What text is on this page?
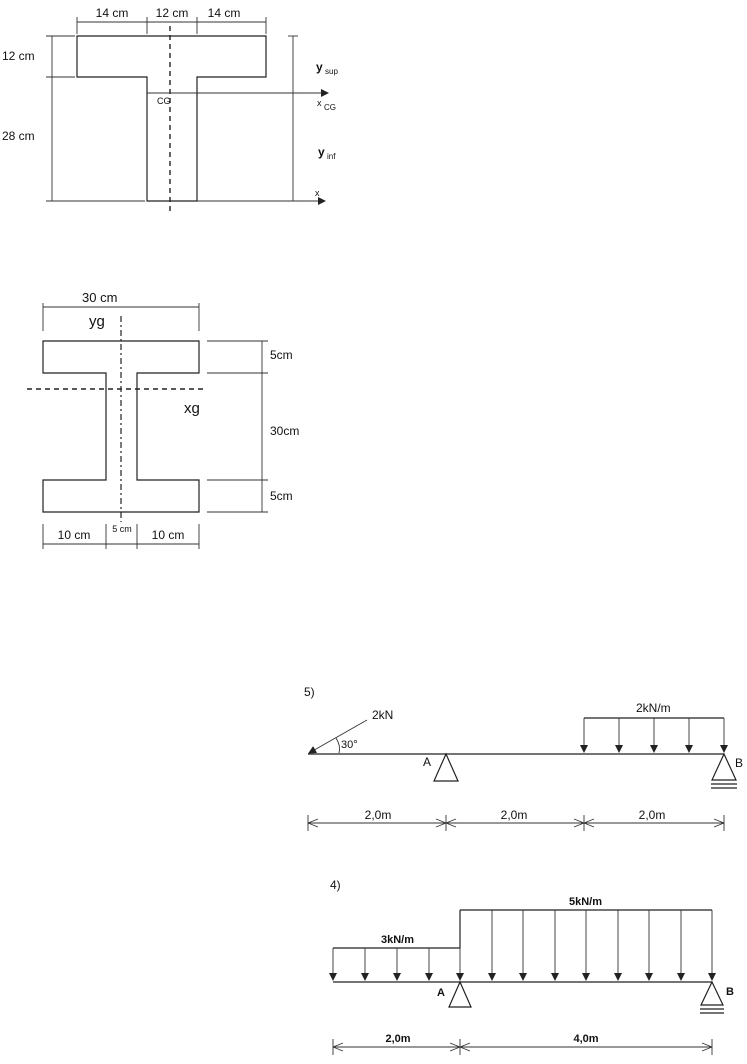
14 cm 12 cm 14 cm
12 cm
28 cm
CG
y sup
x CG
y inf
x
30 cm
yg
xg
5cm
30cm
5cm
10 cm 5 cm 10 cm
5)
2kN
30°
2kN/m
A	B
2,0m	2,0m	2,0m
4)
3kN/m
5kN/m
A	B
2,0m	4,0m
